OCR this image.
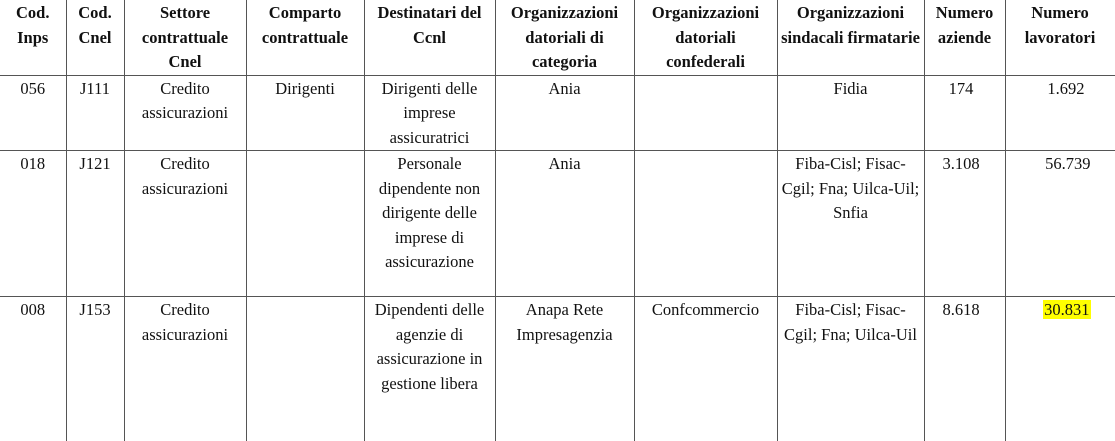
Cod. Inps	Cod. Cnel	Settore contrattuale Cnel	Comparto contrattuale	Destinatari del Ccnl	Organizzazioni datoriali di categoria	Organizzazioni datoriali confederali	Organizzazioni sindacali firmatarie	Numero aziende	Numero lavoratori
056	J111	Credito assicurazioni	Dirigenti	Dirigenti delle imprese assicuratrici	Ania		Fidia	174	1.692
018	J121	Credito assicurazioni		Personale dipendente non dirigente delle imprese di assicurazione	Ania		Fiba-Cisl; Fisac-Cgil; Fna; Uilca-Uil; Snfia	3.108	56.739
008	J153	Credito assicurazioni		Dipendenti delle agenzie di assicurazione in gestione libera	Anapa Rete Impresagenzia	Confcommercio	Fiba-Cisl; Fisac-Cgil; Fna; Uilca-Uil	8.618	30.831
